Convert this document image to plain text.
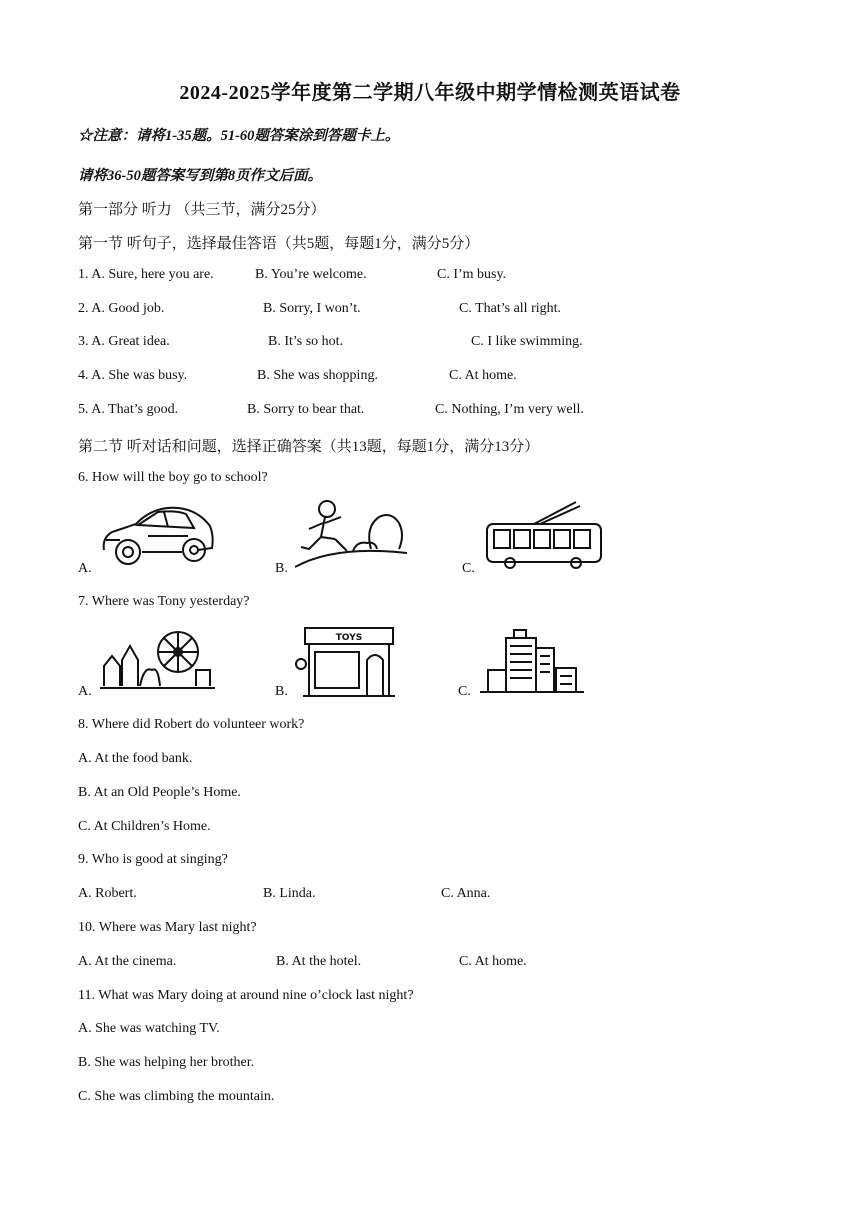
2024-2025学年度第二学期八年级中期学情检测英语试卷
☆注意：请将1-35题。51-60题答案涂到答题卡上。
请将36-50题答案写到第8页作文后面。
第一部分 听力 （共三节，满分25分）
第一节 听句子，选择最佳答语（共5题，每题1分，满分5分）
1. A. Sure, here you are.	B. You’re welcome.	C. I’m busy.
2. A. Good job.	B. Sorry, I won’t.	C. That’s all right.
3. A. Great idea.	B. It’s so hot.	C. I like swimming.
4. A. She was busy.	B. She was shopping.	C. At home.
5. A. That’s good.	B. Sorry to bear that.	C. Nothing, I’m very well.
第二节 听对话和问题，选择正确答案（共13题，每题1分，满分13分）
6. How will the boy go to school?
A.	B.	C.
7. Where was Tony yesterday?
A.	B.
TOYS
C.
8. Where did Robert do volunteer work?
A. At the food bank.
B. At an Old People’s Home.
C. At Children’s Home.
9. Who is good at singing?
A. Robert.	B. Linda.	C. Anna.
10. Where was Mary last night?
A. At the cinema.	B. At the hotel.	C. At home.
11. What was Mary doing at around nine o’clock last night?
A. She was watching TV.
B. She was helping her brother.
C. She was climbing the mountain.
